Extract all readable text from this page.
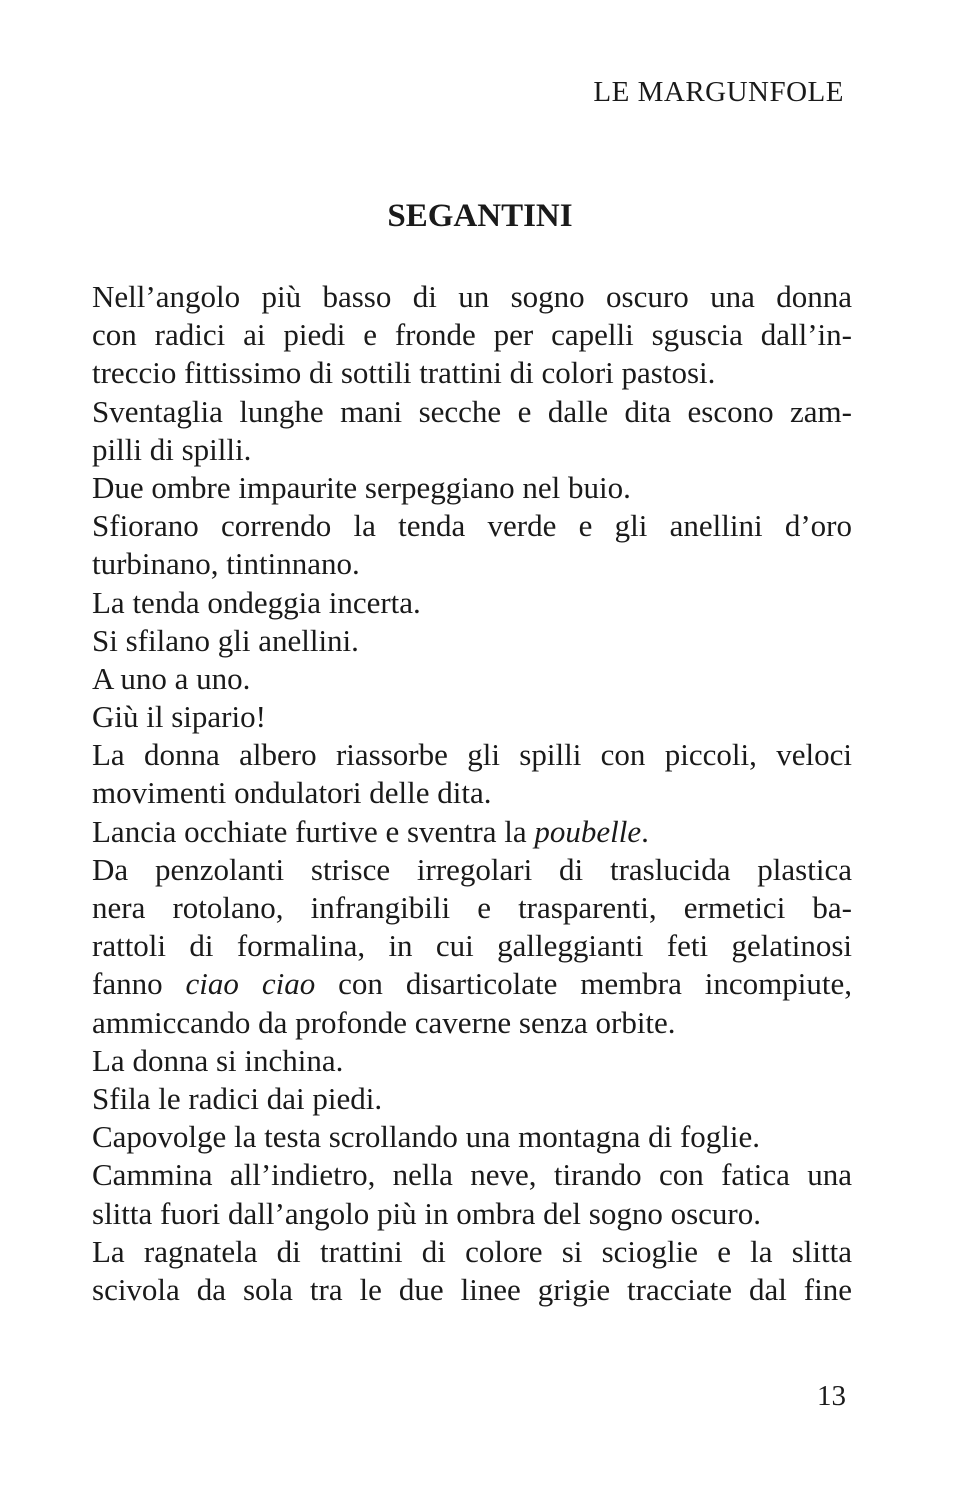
LE MARGUNFOLE
SEGANTINI
Nell’angolo più basso di un sogno oscuro una donna
con radici ai piedi e fronde per capelli sguscia dall’in-
treccio fittissimo di sottili trattini di colori pastosi.
Sventaglia lunghe mani secche e dalle dita escono zam-
pilli di spilli.
Due ombre impaurite serpeggiano nel buio.
Sfiorano correndo la tenda verde e gli anellini d’oro
turbinano, tintinnano.
La tenda ondeggia incerta.
Si sfilano gli anellini.
A uno a uno.
Giù il sipario!
La donna albero riassorbe gli spilli con piccoli, veloci
movimenti ondulatori delle dita.
Lancia occhiate furtive e sventra la poubelle.
Da penzolanti strisce irregolari di traslucida plastica
nera rotolano, infrangibili e trasparenti, ermetici ba-
rattoli di formalina, in cui galleggianti feti gelatinosi
fanno ciao ciao con disarticolate membra incompiute,
ammiccando da profonde caverne senza orbite.
La donna si inchina.
Sfila le radici dai piedi.
Capovolge la testa scrollando una montagna di foglie.
Cammina all’indietro, nella neve, tirando con fatica una
slitta fuori dall’angolo più in ombra del sogno oscuro.
La ragnatela di trattini di colore si scioglie e la slitta
scivola da sola tra le due linee grigie tracciate dal fine
13
